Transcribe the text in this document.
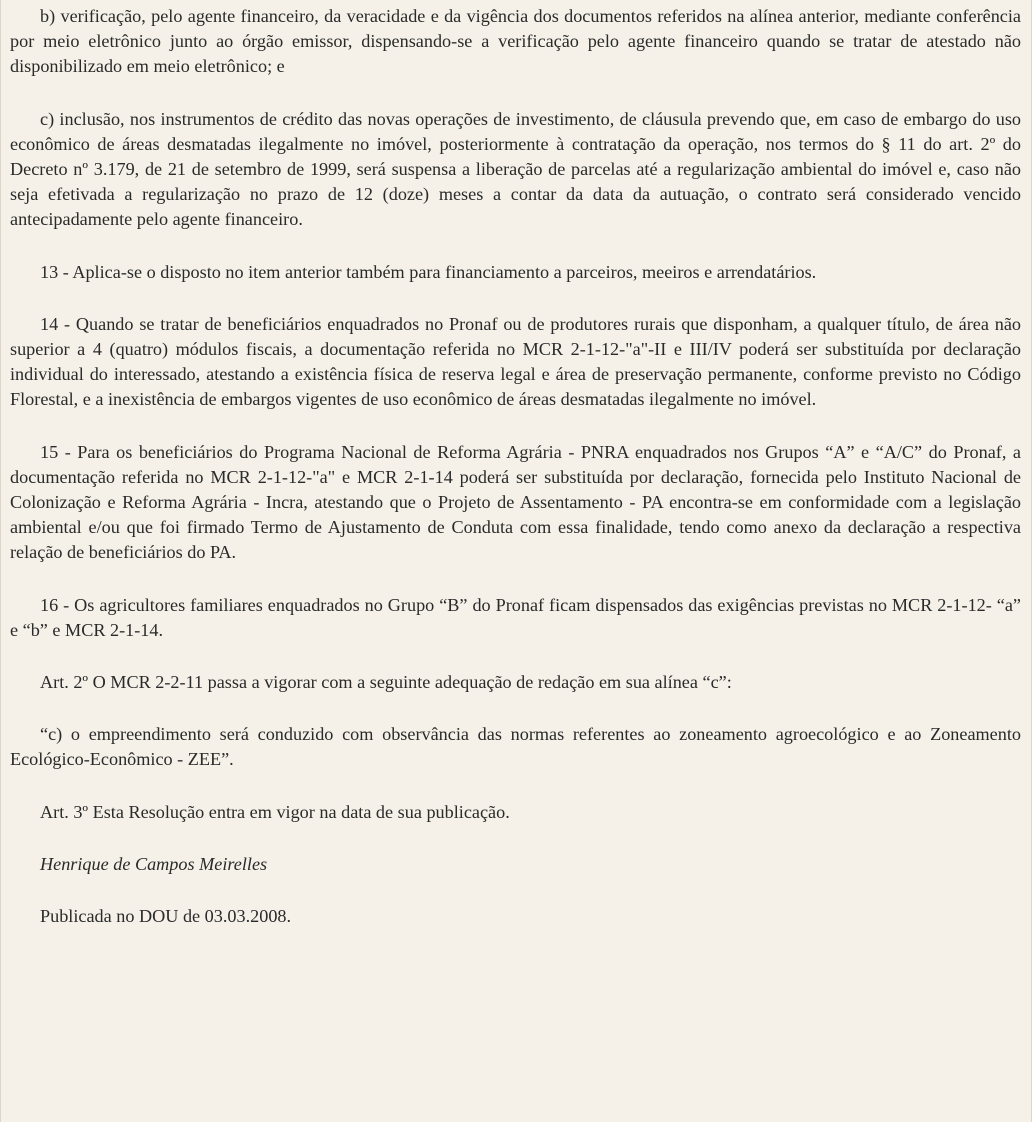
b) verificação, pelo agente financeiro, da veracidade e da vigência dos documentos referidos na alínea anterior, mediante conferência por meio eletrônico junto ao órgão emissor, dispensando-se a verificação pelo agente financeiro quando se tratar de atestado não disponibilizado em meio eletrônico; e

c) inclusão, nos instrumentos de crédito das novas operações de investimento, de cláusula prevendo que, em caso de embargo do uso econômico de áreas desmatadas ilegalmente no imóvel, posteriormente à contratação da operação, nos termos do § 11 do art. 2º do Decreto nº 3.179, de 21 de setembro de 1999, será suspensa a liberação de parcelas até a regularização ambiental do imóvel e, caso não seja efetivada a regularização no prazo de 12 (doze) meses a contar da data da autuação, o contrato será considerado vencido antecipadamente pelo agente financeiro.

13 - Aplica-se o disposto no item anterior também para financiamento a parceiros, meeiros e arrendatários.

14 - Quando se tratar de beneficiários enquadrados no Pronaf ou de produtores rurais que disponham, a qualquer título, de área não superior a 4 (quatro) módulos fiscais, a documentação referida no MCR 2-1-12-"a"-II e III/IV poderá ser substituída por declaração individual do interessado, atestando a existência física de reserva legal e área de preservação permanente, conforme previsto no Código Florestal, e a inexistência de embargos vigentes de uso econômico de áreas desmatadas ilegalmente no imóvel.

15 - Para os beneficiários do Programa Nacional de Reforma Agrária - PNRA enquadrados nos Grupos “A” e “A/C” do Pronaf, a documentação referida no MCR 2-1-12-"a" e MCR 2-1-14 poderá ser substituída por declaração, fornecida pelo Instituto Nacional de Colonização e Reforma Agrária - Incra, atestando que o Projeto de Assentamento - PA encontra-se em conformidade com a legislação ambiental e/ou que foi firmado Termo de Ajustamento de Conduta com essa finalidade, tendo como anexo da declaração a respectiva relação de beneficiários do PA.

16 - Os agricultores familiares enquadrados no Grupo “B” do Pronaf ficam dispensados das exigências previstas no MCR 2-1-12- “a” e “b” e MCR 2-1-14.

Art. 2º O MCR 2-2-11 passa a vigorar com a seguinte adequação de redação em sua alínea “c”:

“c) o empreendimento será conduzido com observância das normas referentes ao zoneamento agroecológico e ao Zoneamento Ecológico-Econômico - ZEE”.

Art. 3º Esta Resolução entra em vigor na data de sua publicação.

Henrique de Campos Meirelles

Publicada no DOU de 03.03.2008.
